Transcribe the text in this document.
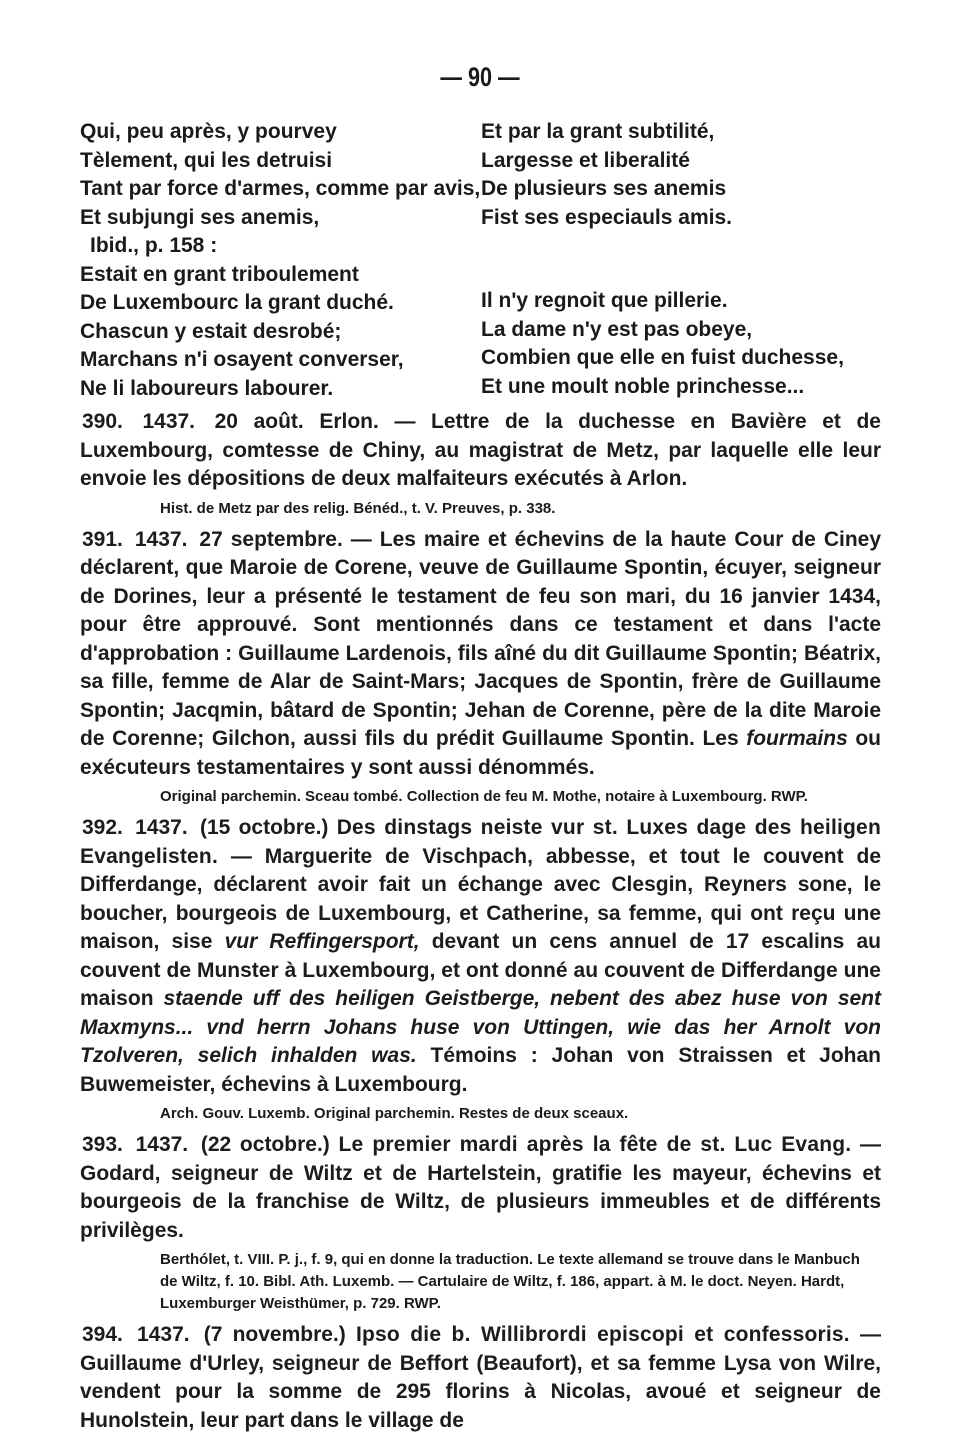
— 90 —
Qui, peu après, y pourvey
Tèlement, qui les detruisi
Tant par force d'armes, comme par avis,
Et subjungi ses anemis,
Ibid., p. 158 :
Estait en grant triboulement
De Luxembourc la grant duché.
Chascun y estait desrobé;
Marchans n'i osayent converser,
Ne li laboureurs labourer.
Et par la grant subtilité,
Largesse et liberalité
De plusieurs ses anemis
Fist ses especiauls amis.
Il n'y regnoit que pillerie.
La dame n'y est pas obeye,
Combien que elle en fuist duchesse,
Et une moult noble princhesse...
390. 1437. 20 août. Erlon. — Lettre de la duchesse en Bavière et de Luxembourg, comtesse de Chiny, au magistrat de Metz, par laquelle elle leur envoie les dépositions de deux malfaiteurs exécutés à Arlon.
Hist. de Metz par des relig. Bénéd., t. V. Preuves, p. 338.
391. 1437. 27 septembre. — Les maire et échevins de la haute Cour de Ciney déclarent, que Maroie de Corene, veuve de Guillaume Spontin, écuyer, seigneur de Dorines, leur a présenté le testament de feu son mari, du 16 janvier 1434, pour être approuvé. Sont mentionnés dans ce testament et dans l'acte d'approbation : Guillaume Lardenois, fils aîné du dit Guillaume Spontin; Béatrix, sa fille, femme de Alar de Saint-Mars; Jacques de Spontin, frère de Guillaume Spontin; Jacqmin, bâtard de Spontin; Jehan de Corenne, père de la dite Maroie de Corenne; Gilchon, aussi fils du prédit Guillaume Spontin. Les fourmains ou exécuteurs testamentaires y sont aussi dénommés.
Original parchemin. Sceau tombé. Collection de feu M. Mothe, notaire à Luxembourg. RWP.
392. 1437. (15 octobre.) Des dinstags neiste vur st. Luxes dage des heiligen Evangelisten. — Marguerite de Vischpach, abbesse, et tout le couvent de Differdange, déclarent avoir fait un échange avec Clesgin, Reyners sone, le boucher, bourgeois de Luxembourg, et Catherine, sa femme, qui ont reçu une maison, sise vur Reffingersport, devant un cens annuel de 17 escalins au couvent de Munster à Luxembourg, et ont donné au couvent de Differdange une maison staende uff des heiligen Geistberge, nebent des abez huse von sent Maxmyns... vnd herrn Johans huse von Uttingen, wie das her Arnolt von Tzolveren, selich inhalden was. Témoins : Johan von Straissen et Johan Buwemeister, échevins à Luxembourg.
Arch. Gouv. Luxemb. Original parchemin. Restes de deux sceaux.
393. 1437. (22 octobre.) Le premier mardi après la fête de st. Luc Evang. — Godard, seigneur de Wiltz et de Hartelstein, gratifie les mayeur, échevins et bourgeois de la franchise de Wiltz, de plusieurs immeubles et de différents privilèges.
Berthólet, t. VIII. P. j., f. 9, qui en donne la traduction. Le texte allemand se trouve dans le Manbuch
de Wiltz, f. 10. Bibl. Ath. Luxemb. — Cartulaire de Wiltz, f. 186, appart. à M. le doct. Neyen. Hardt,
Luxemburger Weisthümer, p. 729. RWP.
394. 1437. (7 novembre.) Ipso die b. Willibrordi episcopi et confessoris. — Guillaume d'Urley, seigneur de Beffort (Beaufort), et sa femme Lysa von Wilre, vendent pour la somme de 295 florins à Nicolas, avoué et seigneur de Hunolstein, leur part dans le village de
